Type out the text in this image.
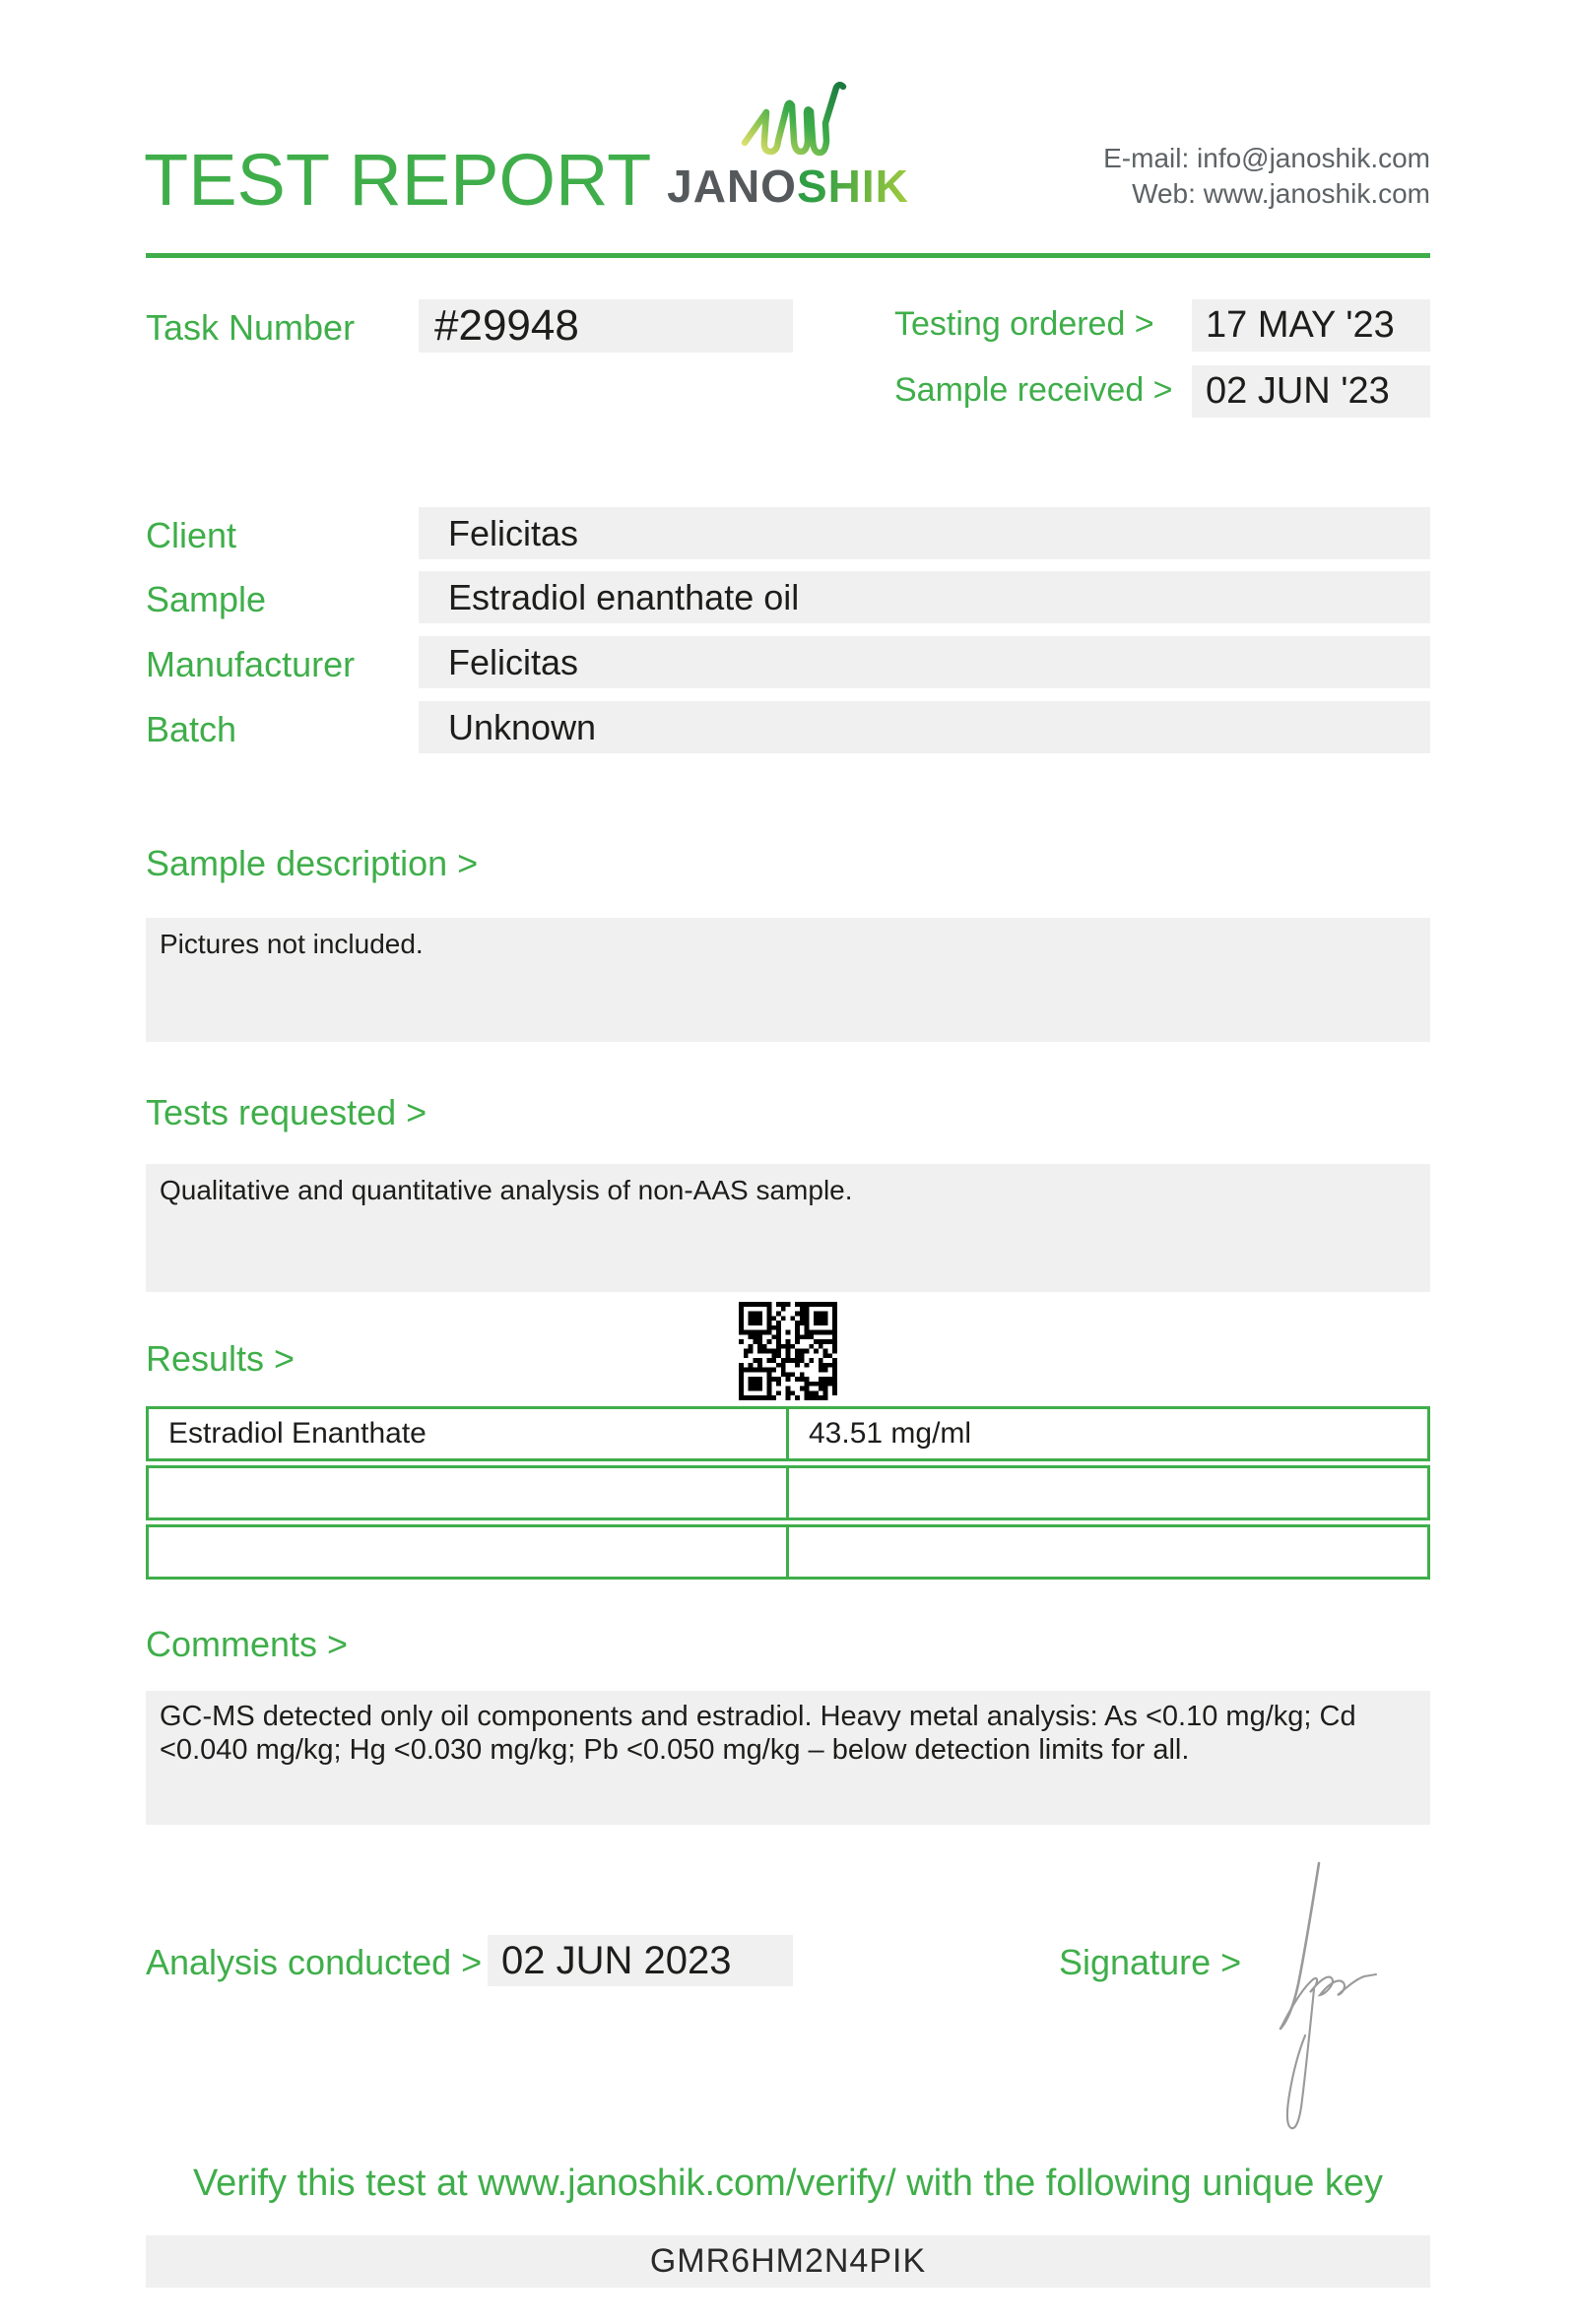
TEST REPORT JANOSHIK
E-mail: info@janoshik.com
Web: www.janoshik.com
Task Number	#29948	Testing ordered >	17 MAY '23
Sample received > 02 JUN '23
Client	Felicitas
Sample	Estradiol enanthate oil
Manufacturer	Felicitas
Batch	Unknown
Sample description >
Pictures not included.
Tests requested >
Qualitative and quantitative analysis of non-AAS sample.
Results >
Estradiol Enanthate	43.51 mg/ml
Comments >
GC-MS detected only oil components and estradiol. Heavy metal analysis: As <0.10 mg/kg; Cd <0.040 mg/kg; Hg <0.030 mg/kg; Pb <0.050 mg/kg – below detection limits for all.
Analysis conducted > 02 JUN 2023	Signature >
Verify this test at www.janoshik.com/verify/ with the following unique key
GMR6HM2N4PIK
